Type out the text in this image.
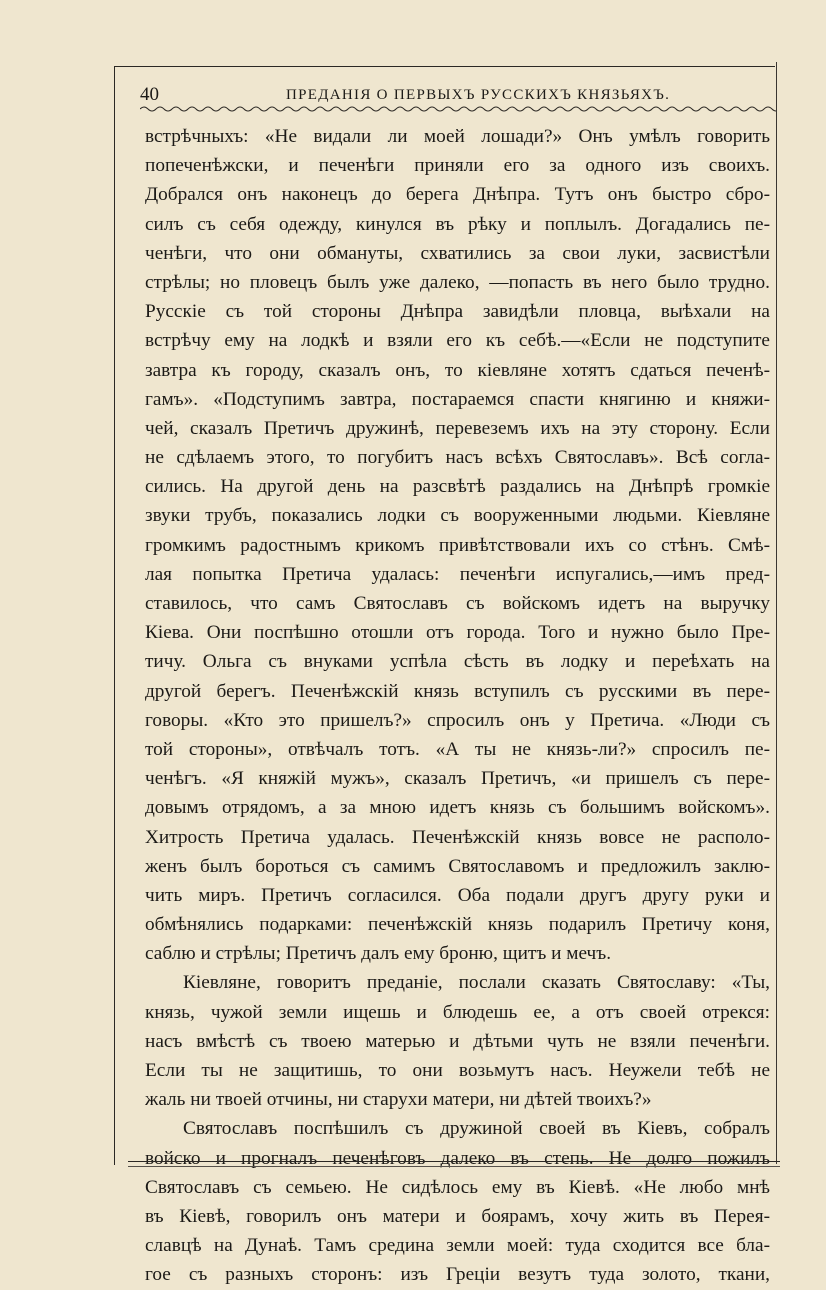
40	ПРЕДАНІЯ О ПЕРВЫХЪ РУССКИХЪ КНЯЗЬЯХЪ.
встрѣчныхъ: «Не видали ли моей лошади?» Онъ умѣлъ говорить
попеченѣжски, и печенѣги приняли его за одного изъ своихъ.
Добрался онъ наконецъ до берега Днѣпра. Тутъ онъ быстро сбро-
силъ съ себя одежду, кинулся въ рѣку и поплылъ. Догадались пе-
ченѣги, что они обмануты, схватились за свои луки, засвистѣли
стрѣлы; но пловецъ былъ уже далеко, —попасть въ него было трудно.
Русскіе съ той стороны Днѣпра завидѣли пловца, выѣхали на
встрѣчу ему на лодкѣ и взяли его къ себѣ.—«Если не подступите
завтра къ городу, сказалъ онъ, то кіевляне хотятъ сдаться печенѣ-
гамъ». «Подступимъ завтра, постараемся спасти княгиню и княжи-
чей, сказалъ Претичъ дружинѣ, перевеземъ ихъ на эту сторону. Если
не сдѣлаемъ этого, то погубитъ насъ всѣхъ Святославъ». Всѣ согла-
сились. На другой день на разсвѣтѣ раздались на Днѣпрѣ громкіе
звуки трубъ, показались лодки съ вооруженными людьми. Кіевляне
громкимъ радостнымъ крикомъ привѣтствовали ихъ со стѣнъ. Смѣ-
лая попытка Претича удалась: печенѣги испугались,—имъ пред-
ставилось, что самъ Святославъ съ войскомъ идетъ на выручку
Кіева. Они поспѣшно отошли отъ города. Того и нужно было Пре-
тичу. Ольга съ внуками успѣла сѣсть въ лодку и переѣхать на
другой берегъ. Печенѣжскій князь вступилъ съ русскими въ пере-
говоры. «Кто это пришелъ?» спросилъ онъ у Претича. «Люди съ
той стороны», отвѣчалъ тотъ. «А ты не князь-ли?» спросилъ пе-
ченѣгъ. «Я княжій мужъ», сказалъ Претичъ, «и пришелъ съ пере-
довымъ отрядомъ, а за мною идетъ князь съ большимъ войскомъ».
Хитрость Претича удалась. Печенѣжскій князь вовсе не располо-
женъ былъ бороться съ самимъ Святославомъ и предложилъ заклю-
чить миръ. Претичъ согласился. Оба подали другъ другу руки и
обмѣнялись подарками: печенѣжскій князь подарилъ Претичу коня,
саблю и стрѣлы; Претичъ далъ ему броню, щитъ и мечъ.
Кіевляне, говоритъ преданіе, послали сказать Святославу: «Ты,
князь, чужой земли ищешь и блюдешь ее, а отъ своей отрекся:
насъ вмѣстѣ съ твоею матерью и дѣтьми чуть не взяли печенѣги.
Если ты не защитишь, то они возьмутъ насъ. Неужели тебѣ не
жаль ни твоей отчины, ни старухи матери, ни дѣтей твоихъ?»
Святославъ поспѣшилъ съ дружиной своей въ Кіевъ, собралъ
войско и прогналъ печенѣговъ далеко въ степь. Не долго пожилъ
Святославъ съ семьею. Не сидѣлось ему въ Кіевѣ. «Не любо мнѣ
въ Кіевѣ, говорилъ онъ матери и боярамъ, хочу жить въ Перея-
славцѣ на Дунаѣ. Тамъ средина земли моей: туда сходится все бла-
гое съ разныхъ сторонъ: изъ Греціи везутъ туда золото, ткани,
